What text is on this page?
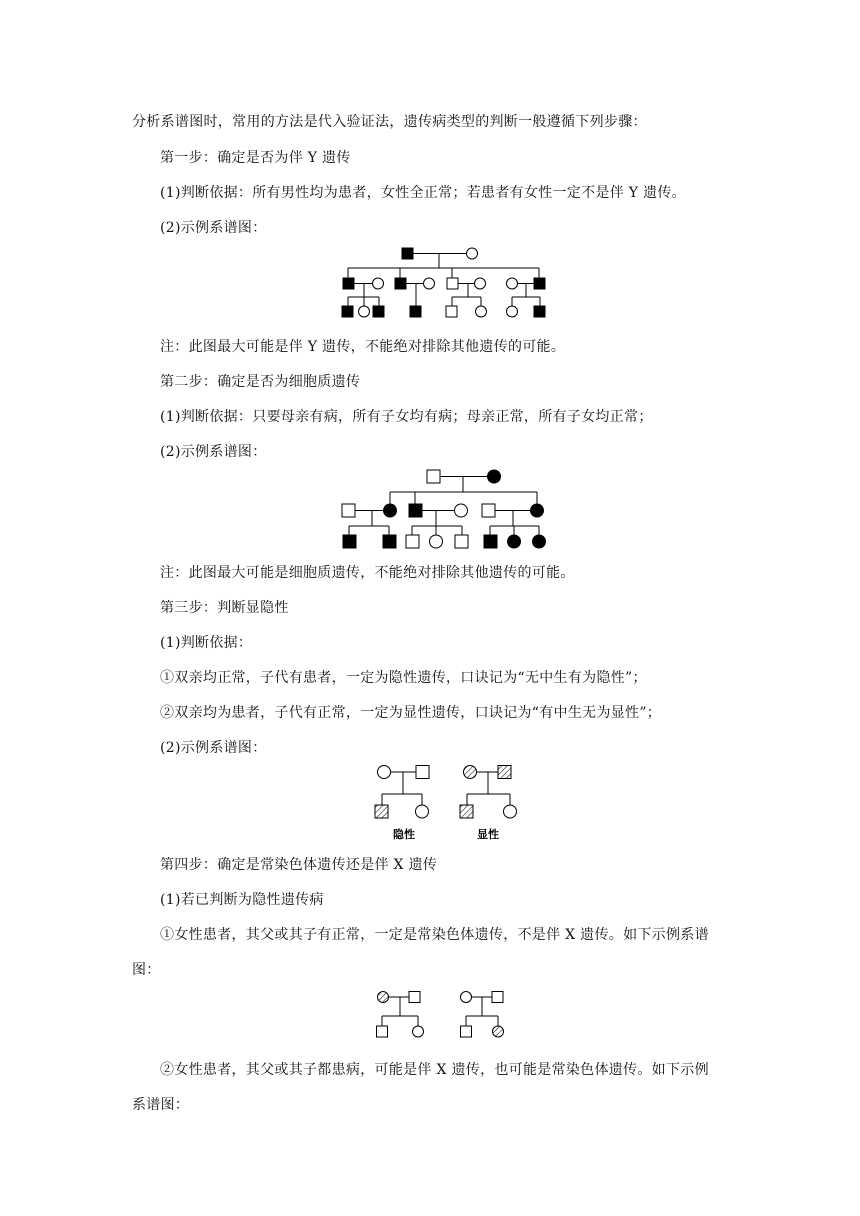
分析系谱图时，常用的方法是代入验证法，遗传病类型的判断一般遵循下列步骤：
第一步：确定是否为伴 Y 遗传
(1)判断依据：所有男性均为患者，女性全正常；若患者有女性一定不是伴 Y 遗传。
(2)示例系谱图：
注：此图最大可能是伴 Y 遗传，不能绝对排除其他遗传的可能。
第二步：确定是否为细胞质遗传
(1)判断依据：只要母亲有病，所有子女均有病；母亲正常，所有子女均正常；
(2)示例系谱图：
注：此图最大可能是细胞质遗传，不能绝对排除其他遗传的可能。
第三步：判断显隐性
(1)判断依据：
①双亲均正常，子代有患者，一定为隐性遗传，口诀记为“无中生有为隐性”；
②双亲均为患者，子代有正常，一定为显性遗传，口诀记为“有中生无为显性”；
(2)示例系谱图：
隐性	显性
第四步：确定是常染色体遗传还是伴 X 遗传
(1)若已判断为隐性遗传病
①女性患者，其父或其子有正常，一定是常染色体遗传，不是伴 X 遗传。如下示例系谱
图：
②女性患者，其父或其子都患病，可能是伴 X 遗传，也可能是常染色体遗传。如下示例
系谱图：
